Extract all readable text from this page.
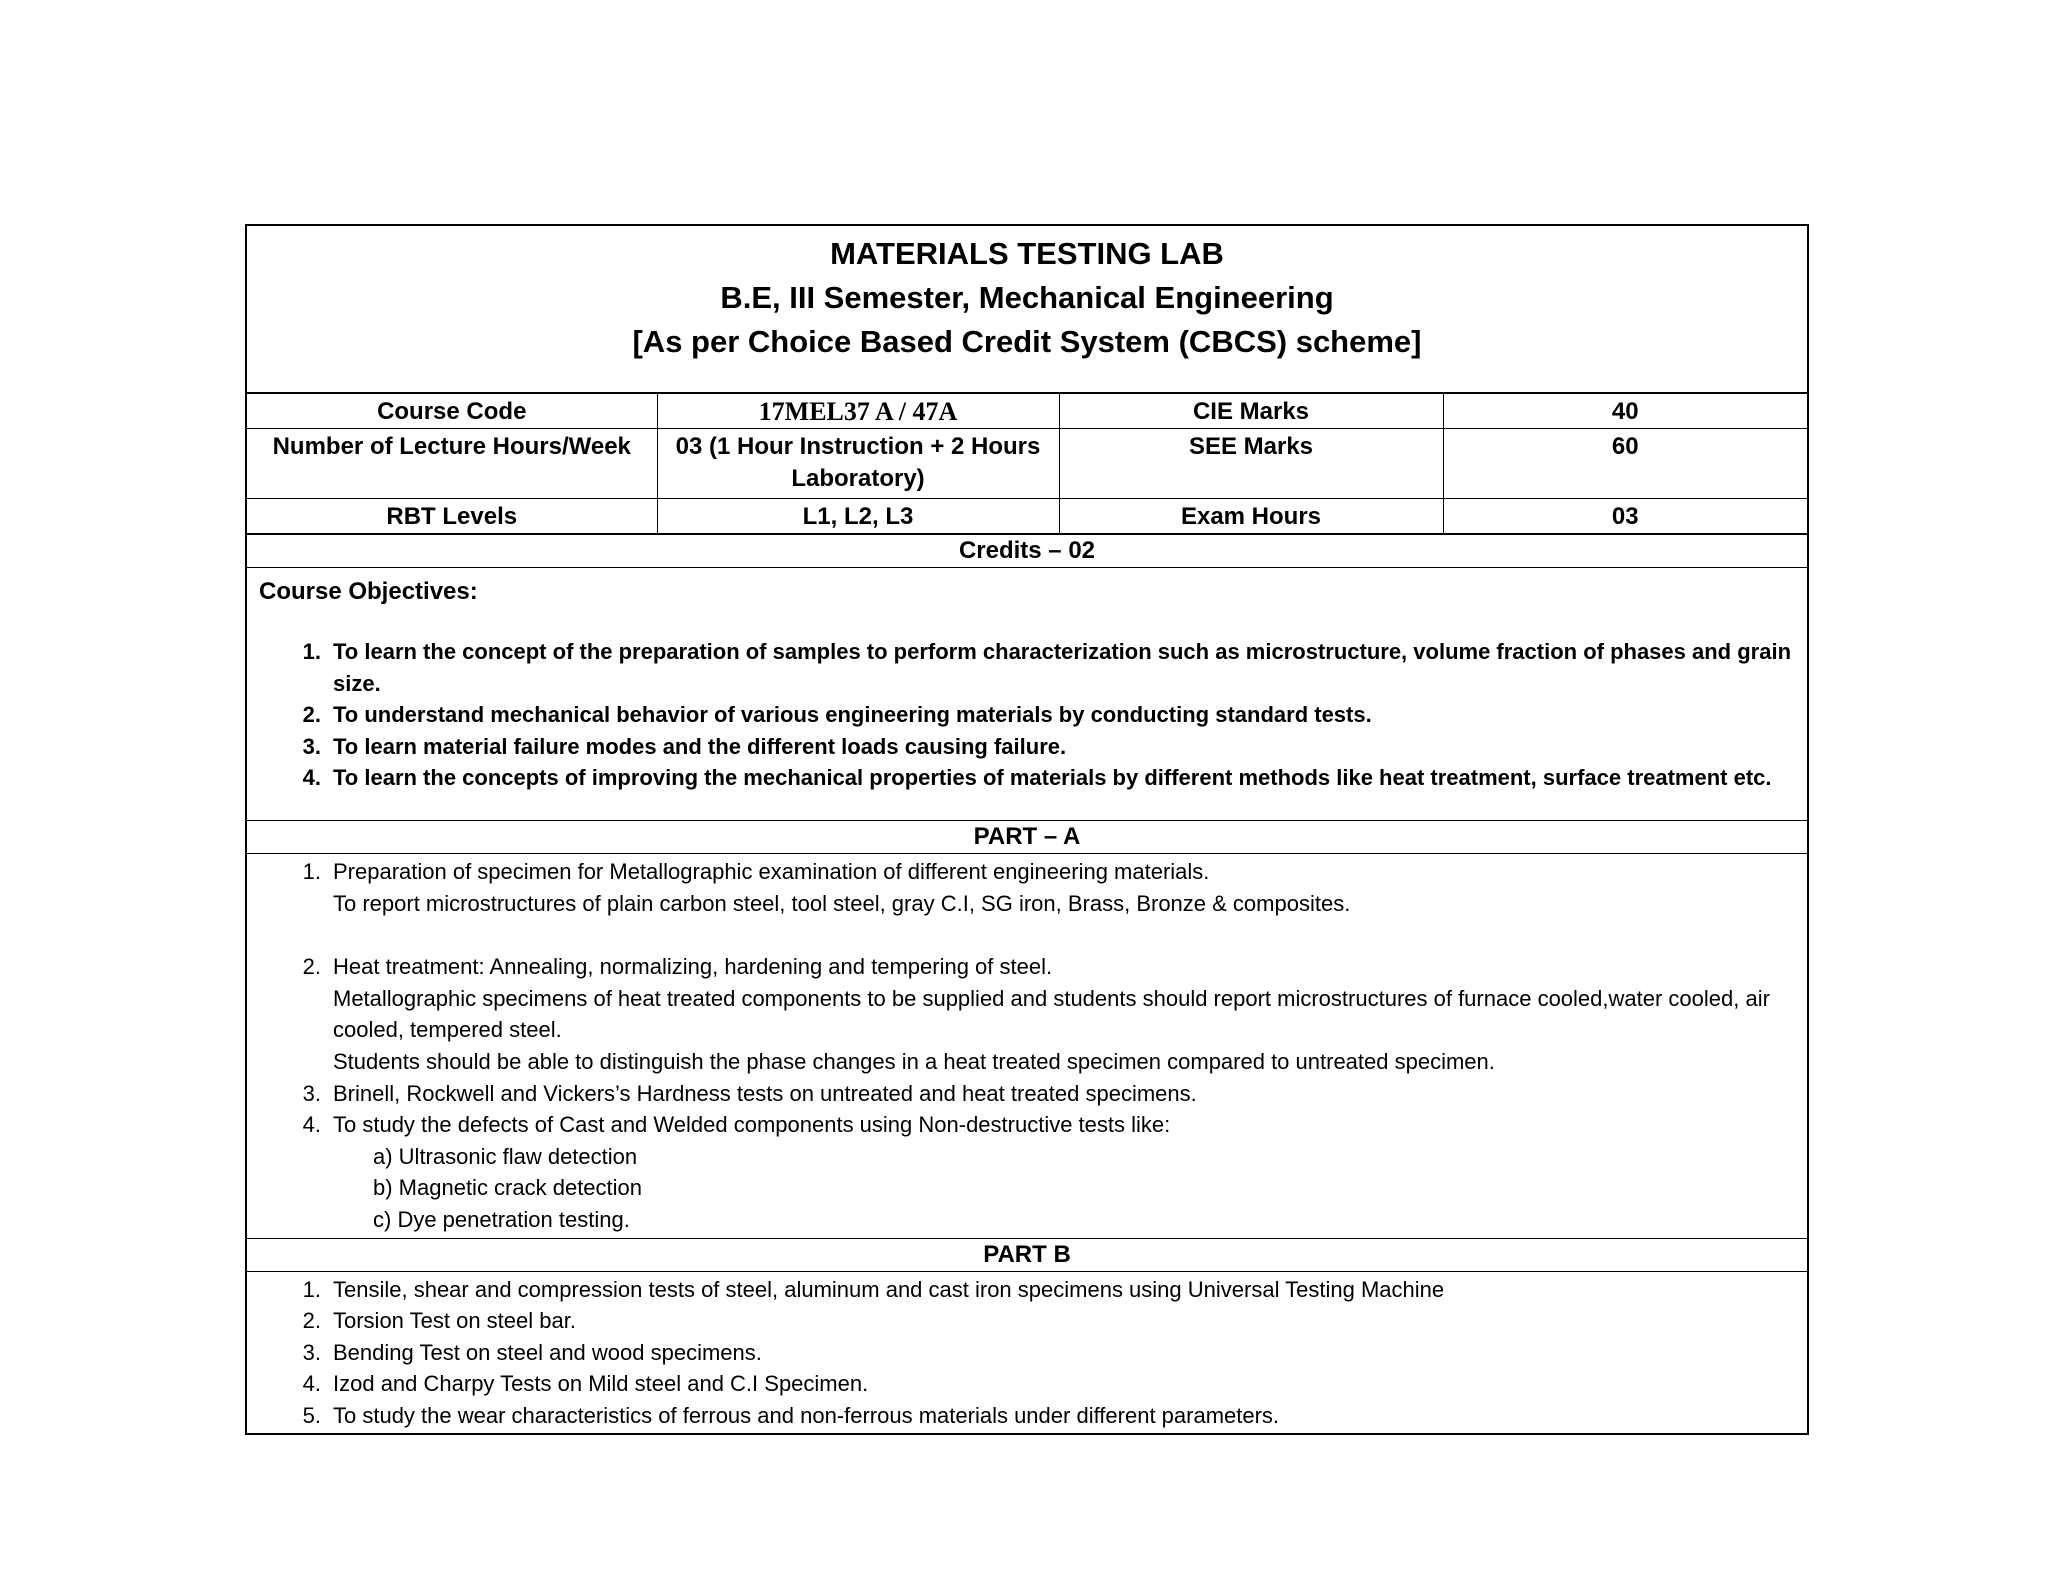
MATERIALS TESTING LAB
B.E, III Semester, Mechanical Engineering
[As per Choice Based Credit System (CBCS) scheme]
Course Code	17MEL37 A / 47A	CIE Marks	40
Number of Lecture Hours/Week	03 (1 Hour Instruction + 2 Hours Laboratory)	SEE Marks	60
RBT Levels	L1, L2, L3	Exam Hours	03
Credits – 02
Course Objectives:
1. To learn the concept of the preparation of samples to perform characterization such as microstructure, volume fraction of phases and grain size.
2. To understand mechanical behavior of various engineering materials by conducting standard tests.
3. To learn material failure modes and the different loads causing failure.
4. To learn the concepts of improving the mechanical properties of materials by different methods like heat treatment, surface treatment etc.
PART – A
1. Preparation of specimen for Metallographic examination of different engineering materials.
To report microstructures of plain carbon steel, tool steel, gray C.I, SG iron, Brass, Bronze & composites.
2. Heat treatment: Annealing, normalizing, hardening and tempering of steel.
Metallographic specimens of heat treated components to be supplied and students should report microstructures of furnace cooled,water cooled, air cooled, tempered steel.
Students should be able to distinguish the phase changes in a heat treated specimen compared to untreated specimen.
3. Brinell, Rockwell and Vickers’s Hardness tests on untreated and heat treated specimens.
4. To study the defects of Cast and Welded components using Non-destructive tests like:
a) Ultrasonic flaw detection
b) Magnetic crack detection
c) Dye penetration testing.
PART B
1. Tensile, shear and compression tests of steel, aluminum and cast iron specimens using Universal Testing Machine
2. Torsion Test on steel bar.
3. Bending Test on steel and wood specimens.
4. Izod and Charpy Tests on Mild steel and C.I Specimen.
5. To study the wear characteristics of ferrous and non-ferrous materials under different parameters.
